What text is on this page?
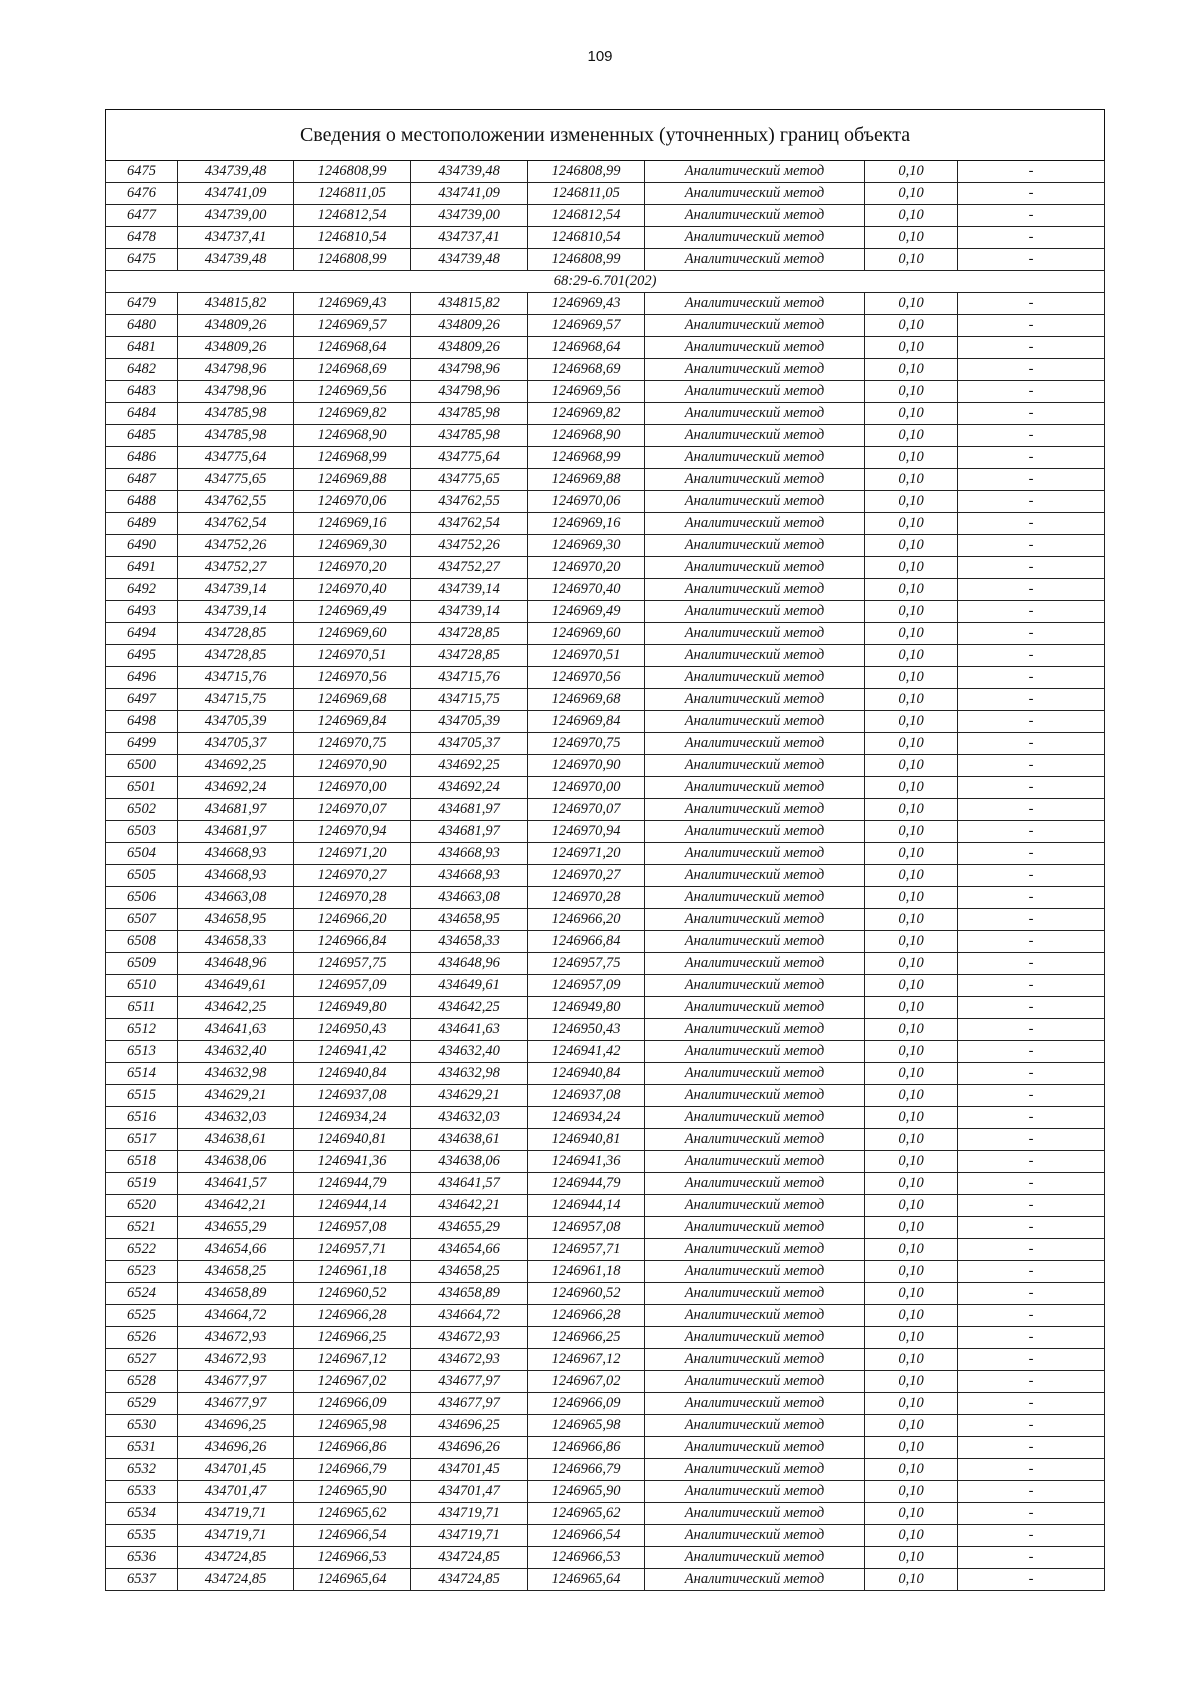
109
Сведения о местоположении измененных (уточненных) границ объекта							
6475	434739,48	1246808,99	434739,48	1246808,99	Аналитический метод	0,10	-
6476	434741,09	1246811,05	434741,09	1246811,05	Аналитический метод	0,10	-
6477	434739,00	1246812,54	434739,00	1246812,54	Аналитический метод	0,10	-
6478	434737,41	1246810,54	434737,41	1246810,54	Аналитический метод	0,10	-
6475	434739,48	1246808,99	434739,48	1246808,99	Аналитический метод	0,10	-
68:29-6.701(202)							
6479	434815,82	1246969,43	434815,82	1246969,43	Аналитический метод	0,10	-
6480	434809,26	1246969,57	434809,26	1246969,57	Аналитический метод	0,10	-
6481	434809,26	1246968,64	434809,26	1246968,64	Аналитический метод	0,10	-
6482	434798,96	1246968,69	434798,96	1246968,69	Аналитический метод	0,10	-
6483	434798,96	1246969,56	434798,96	1246969,56	Аналитический метод	0,10	-
6484	434785,98	1246969,82	434785,98	1246969,82	Аналитический метод	0,10	-
6485	434785,98	1246968,90	434785,98	1246968,90	Аналитический метод	0,10	-
6486	434775,64	1246968,99	434775,64	1246968,99	Аналитический метод	0,10	-
6487	434775,65	1246969,88	434775,65	1246969,88	Аналитический метод	0,10	-
6488	434762,55	1246970,06	434762,55	1246970,06	Аналитический метод	0,10	-
6489	434762,54	1246969,16	434762,54	1246969,16	Аналитический метод	0,10	-
6490	434752,26	1246969,30	434752,26	1246969,30	Аналитический метод	0,10	-
6491	434752,27	1246970,20	434752,27	1246970,20	Аналитический метод	0,10	-
6492	434739,14	1246970,40	434739,14	1246970,40	Аналитический метод	0,10	-
6493	434739,14	1246969,49	434739,14	1246969,49	Аналитический метод	0,10	-
6494	434728,85	1246969,60	434728,85	1246969,60	Аналитический метод	0,10	-
6495	434728,85	1246970,51	434728,85	1246970,51	Аналитический метод	0,10	-
6496	434715,76	1246970,56	434715,76	1246970,56	Аналитический метод	0,10	-
6497	434715,75	1246969,68	434715,75	1246969,68	Аналитический метод	0,10	-
6498	434705,39	1246969,84	434705,39	1246969,84	Аналитический метод	0,10	-
6499	434705,37	1246970,75	434705,37	1246970,75	Аналитический метод	0,10	-
6500	434692,25	1246970,90	434692,25	1246970,90	Аналитический метод	0,10	-
6501	434692,24	1246970,00	434692,24	1246970,00	Аналитический метод	0,10	-
6502	434681,97	1246970,07	434681,97	1246970,07	Аналитический метод	0,10	-
6503	434681,97	1246970,94	434681,97	1246970,94	Аналитический метод	0,10	-
6504	434668,93	1246971,20	434668,93	1246971,20	Аналитический метод	0,10	-
6505	434668,93	1246970,27	434668,93	1246970,27	Аналитический метод	0,10	-
6506	434663,08	1246970,28	434663,08	1246970,28	Аналитический метод	0,10	-
6507	434658,95	1246966,20	434658,95	1246966,20	Аналитический метод	0,10	-
6508	434658,33	1246966,84	434658,33	1246966,84	Аналитический метод	0,10	-
6509	434648,96	1246957,75	434648,96	1246957,75	Аналитический метод	0,10	-
6510	434649,61	1246957,09	434649,61	1246957,09	Аналитический метод	0,10	-
6511	434642,25	1246949,80	434642,25	1246949,80	Аналитический метод	0,10	-
6512	434641,63	1246950,43	434641,63	1246950,43	Аналитический метод	0,10	-
6513	434632,40	1246941,42	434632,40	1246941,42	Аналитический метод	0,10	-
6514	434632,98	1246940,84	434632,98	1246940,84	Аналитический метод	0,10	-
6515	434629,21	1246937,08	434629,21	1246937,08	Аналитический метод	0,10	-
6516	434632,03	1246934,24	434632,03	1246934,24	Аналитический метод	0,10	-
6517	434638,61	1246940,81	434638,61	1246940,81	Аналитический метод	0,10	-
6518	434638,06	1246941,36	434638,06	1246941,36	Аналитический метод	0,10	-
6519	434641,57	1246944,79	434641,57	1246944,79	Аналитический метод	0,10	-
6520	434642,21	1246944,14	434642,21	1246944,14	Аналитический метод	0,10	-
6521	434655,29	1246957,08	434655,29	1246957,08	Аналитический метод	0,10	-
6522	434654,66	1246957,71	434654,66	1246957,71	Аналитический метод	0,10	-
6523	434658,25	1246961,18	434658,25	1246961,18	Аналитический метод	0,10	-
6524	434658,89	1246960,52	434658,89	1246960,52	Аналитический метод	0,10	-
6525	434664,72	1246966,28	434664,72	1246966,28	Аналитический метод	0,10	-
6526	434672,93	1246966,25	434672,93	1246966,25	Аналитический метод	0,10	-
6527	434672,93	1246967,12	434672,93	1246967,12	Аналитический метод	0,10	-
6528	434677,97	1246967,02	434677,97	1246967,02	Аналитический метод	0,10	-
6529	434677,97	1246966,09	434677,97	1246966,09	Аналитический метод	0,10	-
6530	434696,25	1246965,98	434696,25	1246965,98	Аналитический метод	0,10	-
6531	434696,26	1246966,86	434696,26	1246966,86	Аналитический метод	0,10	-
6532	434701,45	1246966,79	434701,45	1246966,79	Аналитический метод	0,10	-
6533	434701,47	1246965,90	434701,47	1246965,90	Аналитический метод	0,10	-
6534	434719,71	1246965,62	434719,71	1246965,62	Аналитический метод	0,10	-
6535	434719,71	1246966,54	434719,71	1246966,54	Аналитический метод	0,10	-
6536	434724,85	1246966,53	434724,85	1246966,53	Аналитический метод	0,10	-
6537	434724,85	1246965,64	434724,85	1246965,64	Аналитический метод	0,10	-
